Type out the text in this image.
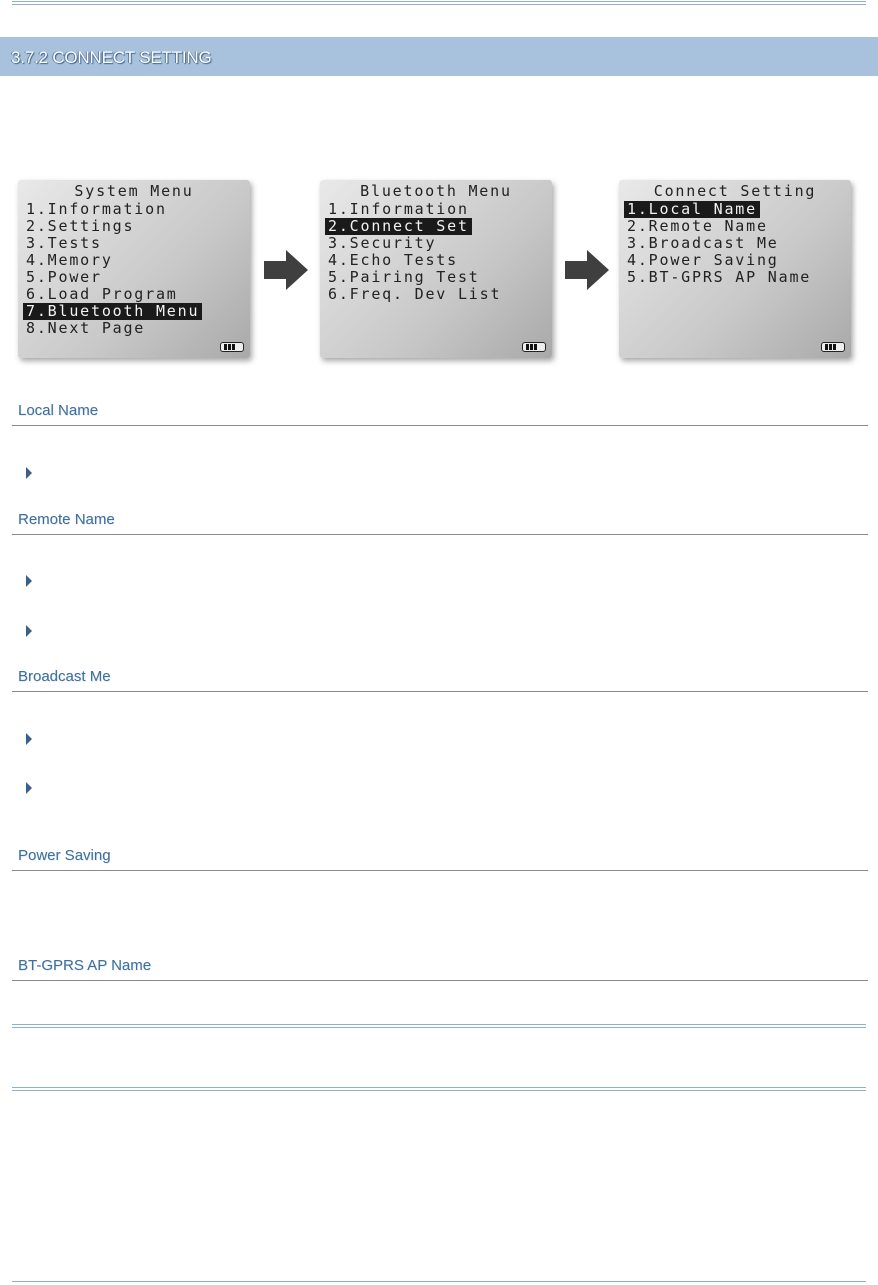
3.7.2 CONNECT SETTING
System Menu
1.Information
2.Settings
3.Tests
4.Memory
5.Power
6.Load Program
7.Bluetooth Menu
8.Next Page
Bluetooth Menu
1.Information
2.Connect Set
3.Security
4.Echo Tests
5.Pairing Test
6.Freq. Dev List
Connect Setting
1.Local Name
2.Remote Name
3.Broadcast Me
4.Power Saving
5.BT-GPRS AP Name
Local Name
Remote Name
Broadcast Me
Power Saving
BT-GPRS AP Name
